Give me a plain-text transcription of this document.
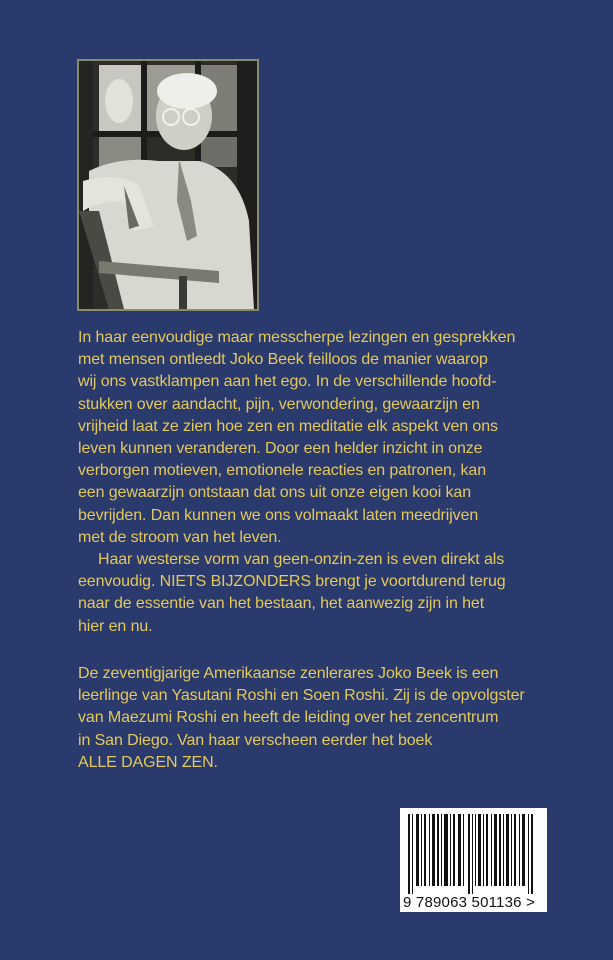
In haar eenvoudige maar messcherpe lezingen en gesprekken

met mensen ontleedt Joko Beek feilloos de manier waarop

wij ons vastklampen aan het ego. In de verschillende hoofd-

stukken over aandacht, pijn, verwondering, gewaarzijn en

vrijheid laat ze zien hoe zen en meditatie elk aspekt ven ons

leven kunnen veranderen. Door een helder inzicht in onze

verborgen motieven, emotionele reacties en patronen, kan

een gewaarzijn ontstaan dat ons uit onze eigen kooi kan

bevrijden. Dan kunnen we ons volmaakt laten meedrijven

met de stroom van het leven.

Haar westerse vorm van geen-onzin-zen is even direkt als

eenvoudig. NIETS BIJZONDERS brengt je voortdurend terug

naar de essentie van het bestaan, het aanwezig zijn in het

hier en nu.

De zeventigjarige Amerikaanse zenlerares Joko Beek is een

leerlinge van Yasutani Roshi en Soen Roshi. Zij is de opvolgster

van Maezumi Roshi en heeft de leiding over het zencentrum

in San Diego. Van haar verscheen eerder het boek

ALLE DAGEN ZEN.

9 789063 501136 >
